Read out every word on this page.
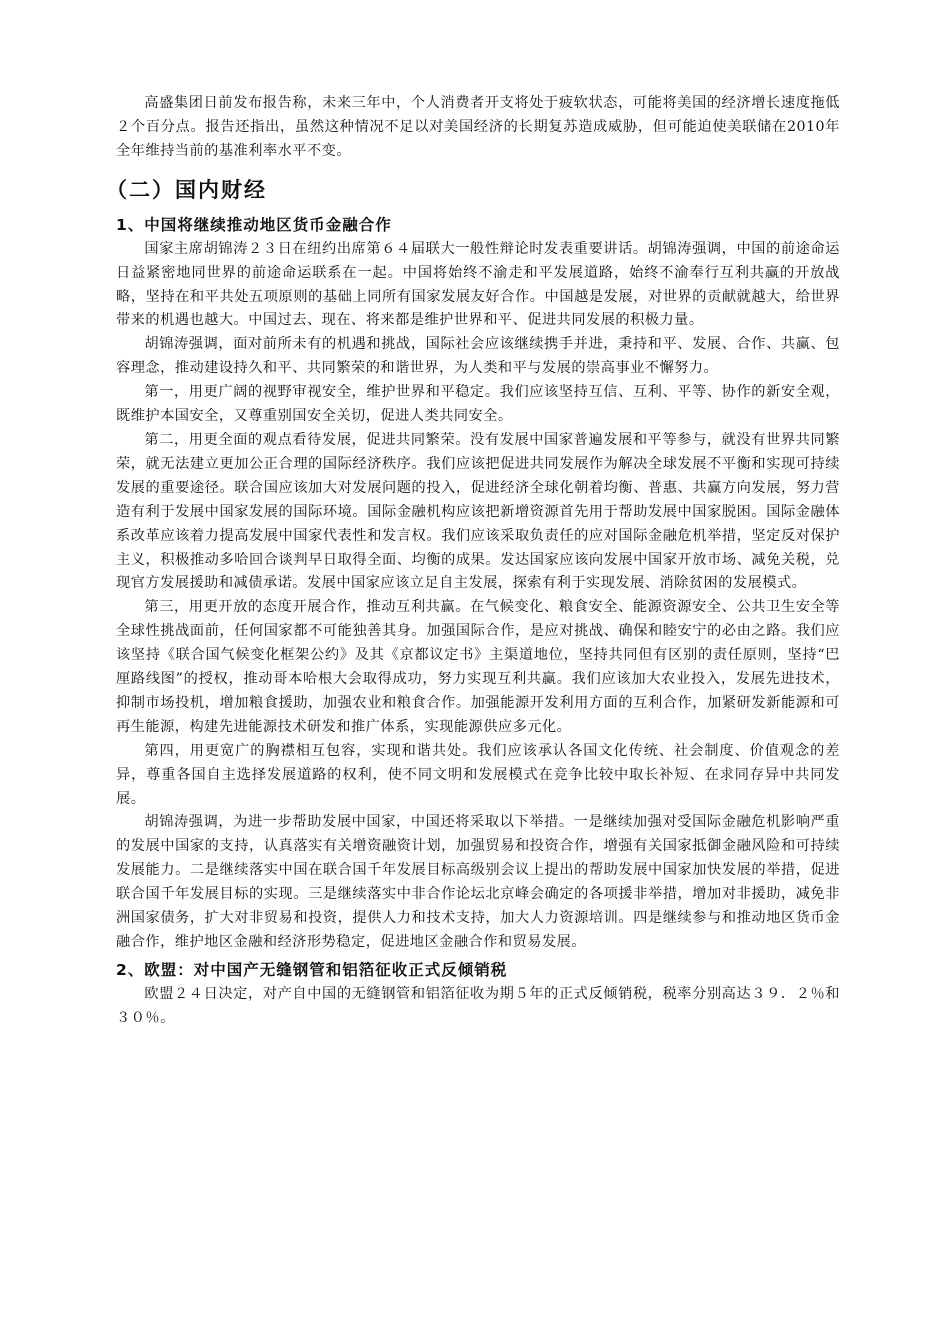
高盛集团日前发布报告称，未来三年中，个人消费者开支将处于疲软状态，可能将美国的经济增长速度拖低２个百分点。报告还指出，虽然这种情况不足以对美国经济的长期复苏造成威胁，但可能迫使美联储在2010年全年维持当前的基准利率水平不变。

（二）国内财经
1、中国将继续推动地区货币金融合作

国家主席胡锦涛２３日在纽约出席第６４届联大一般性辩论时发表重要讲话。胡锦涛强调，中国的前途命运日益紧密地同世界的前途命运联系在一起。中国将始终不渝走和平发展道路，始终不渝奉行互利共赢的开放战略，坚持在和平共处五项原则的基础上同所有国家发展友好合作。中国越是发展，对世界的贡献就越大，给世界带来的机遇也越大。中国过去、现在、将来都是维护世界和平、促进共同发展的积极力量。

胡锦涛强调，面对前所未有的机遇和挑战，国际社会应该继续携手并进，秉持和平、发展、合作、共赢、包容理念，推动建设持久和平、共同繁荣的和谐世界，为人类和平与发展的崇高事业不懈努力。

第一，用更广阔的视野审视安全，维护世界和平稳定。我们应该坚持互信、互利、平等、协作的新安全观，既维护本国安全，又尊重别国安全关切，促进人类共同安全。

第二，用更全面的观点看待发展，促进共同繁荣。没有发展中国家普遍发展和平等参与，就没有世界共同繁荣，就无法建立更加公正合理的国际经济秩序。我们应该把促进共同发展作为解决全球发展不平衡和实现可持续发展的重要途径。联合国应该加大对发展问题的投入，促进经济全球化朝着均衡、普惠、共赢方向发展，努力营造有利于发展中国家发展的国际环境。国际金融机构应该把新增资源首先用于帮助发展中国家脱困。国际金融体系改革应该着力提高发展中国家代表性和发言权。我们应该采取负责任的应对国际金融危机举措，坚定反对保护主义，积极推动多哈回合谈判早日取得全面、均衡的成果。发达国家应该向发展中国家开放市场、减免关税，兑现官方发展援助和减债承诺。发展中国家应该立足自主发展，探索有利于实现发展、消除贫困的发展模式。

第三，用更开放的态度开展合作，推动互利共赢。在气候变化、粮食安全、能源资源安全、公共卫生安全等全球性挑战面前，任何国家都不可能独善其身。加强国际合作，是应对挑战、确保和睦安宁的必由之路。我们应该坚持《联合国气候变化框架公约》及其《京都议定书》主渠道地位，坚持共同但有区别的责任原则，坚持“巴厘路线图”的授权，推动哥本哈根大会取得成功，努力实现互利共赢。我们应该加大农业投入，发展先进技术，抑制市场投机，增加粮食援助，加强农业和粮食合作。加强能源开发利用方面的互利合作，加紧研发新能源和可再生能源，构建先进能源技术研发和推广体系，实现能源供应多元化。

第四，用更宽广的胸襟相互包容，实现和谐共处。我们应该承认各国文化传统、社会制度、价值观念的差异，尊重各国自主选择发展道路的权利，使不同文明和发展模式在竞争比较中取长补短、在求同存异中共同发展。

胡锦涛强调，为进一步帮助发展中国家，中国还将采取以下举措。一是继续加强对受国际金融危机影响严重的发展中国家的支持，认真落实有关增资融资计划，加强贸易和投资合作，增强有关国家抵御金融风险和可持续发展能力。二是继续落实中国在联合国千年发展目标高级别会议上提出的帮助发展中国家加快发展的举措，促进联合国千年发展目标的实现。三是继续落实中非合作论坛北京峰会确定的各项援非举措，增加对非援助，减免非洲国家债务，扩大对非贸易和投资，提供人力和技术支持，加大人力资源培训。四是继续参与和推动地区货币金融合作，维护地区金融和经济形势稳定，促进地区金融合作和贸易发展。

2、欧盟：对中国产无缝钢管和铝箔征收正式反倾销税

欧盟２４日决定，对产自中国的无缝钢管和铝箔征收为期５年的正式反倾销税，税率分别高达３９．２％和３０％。
